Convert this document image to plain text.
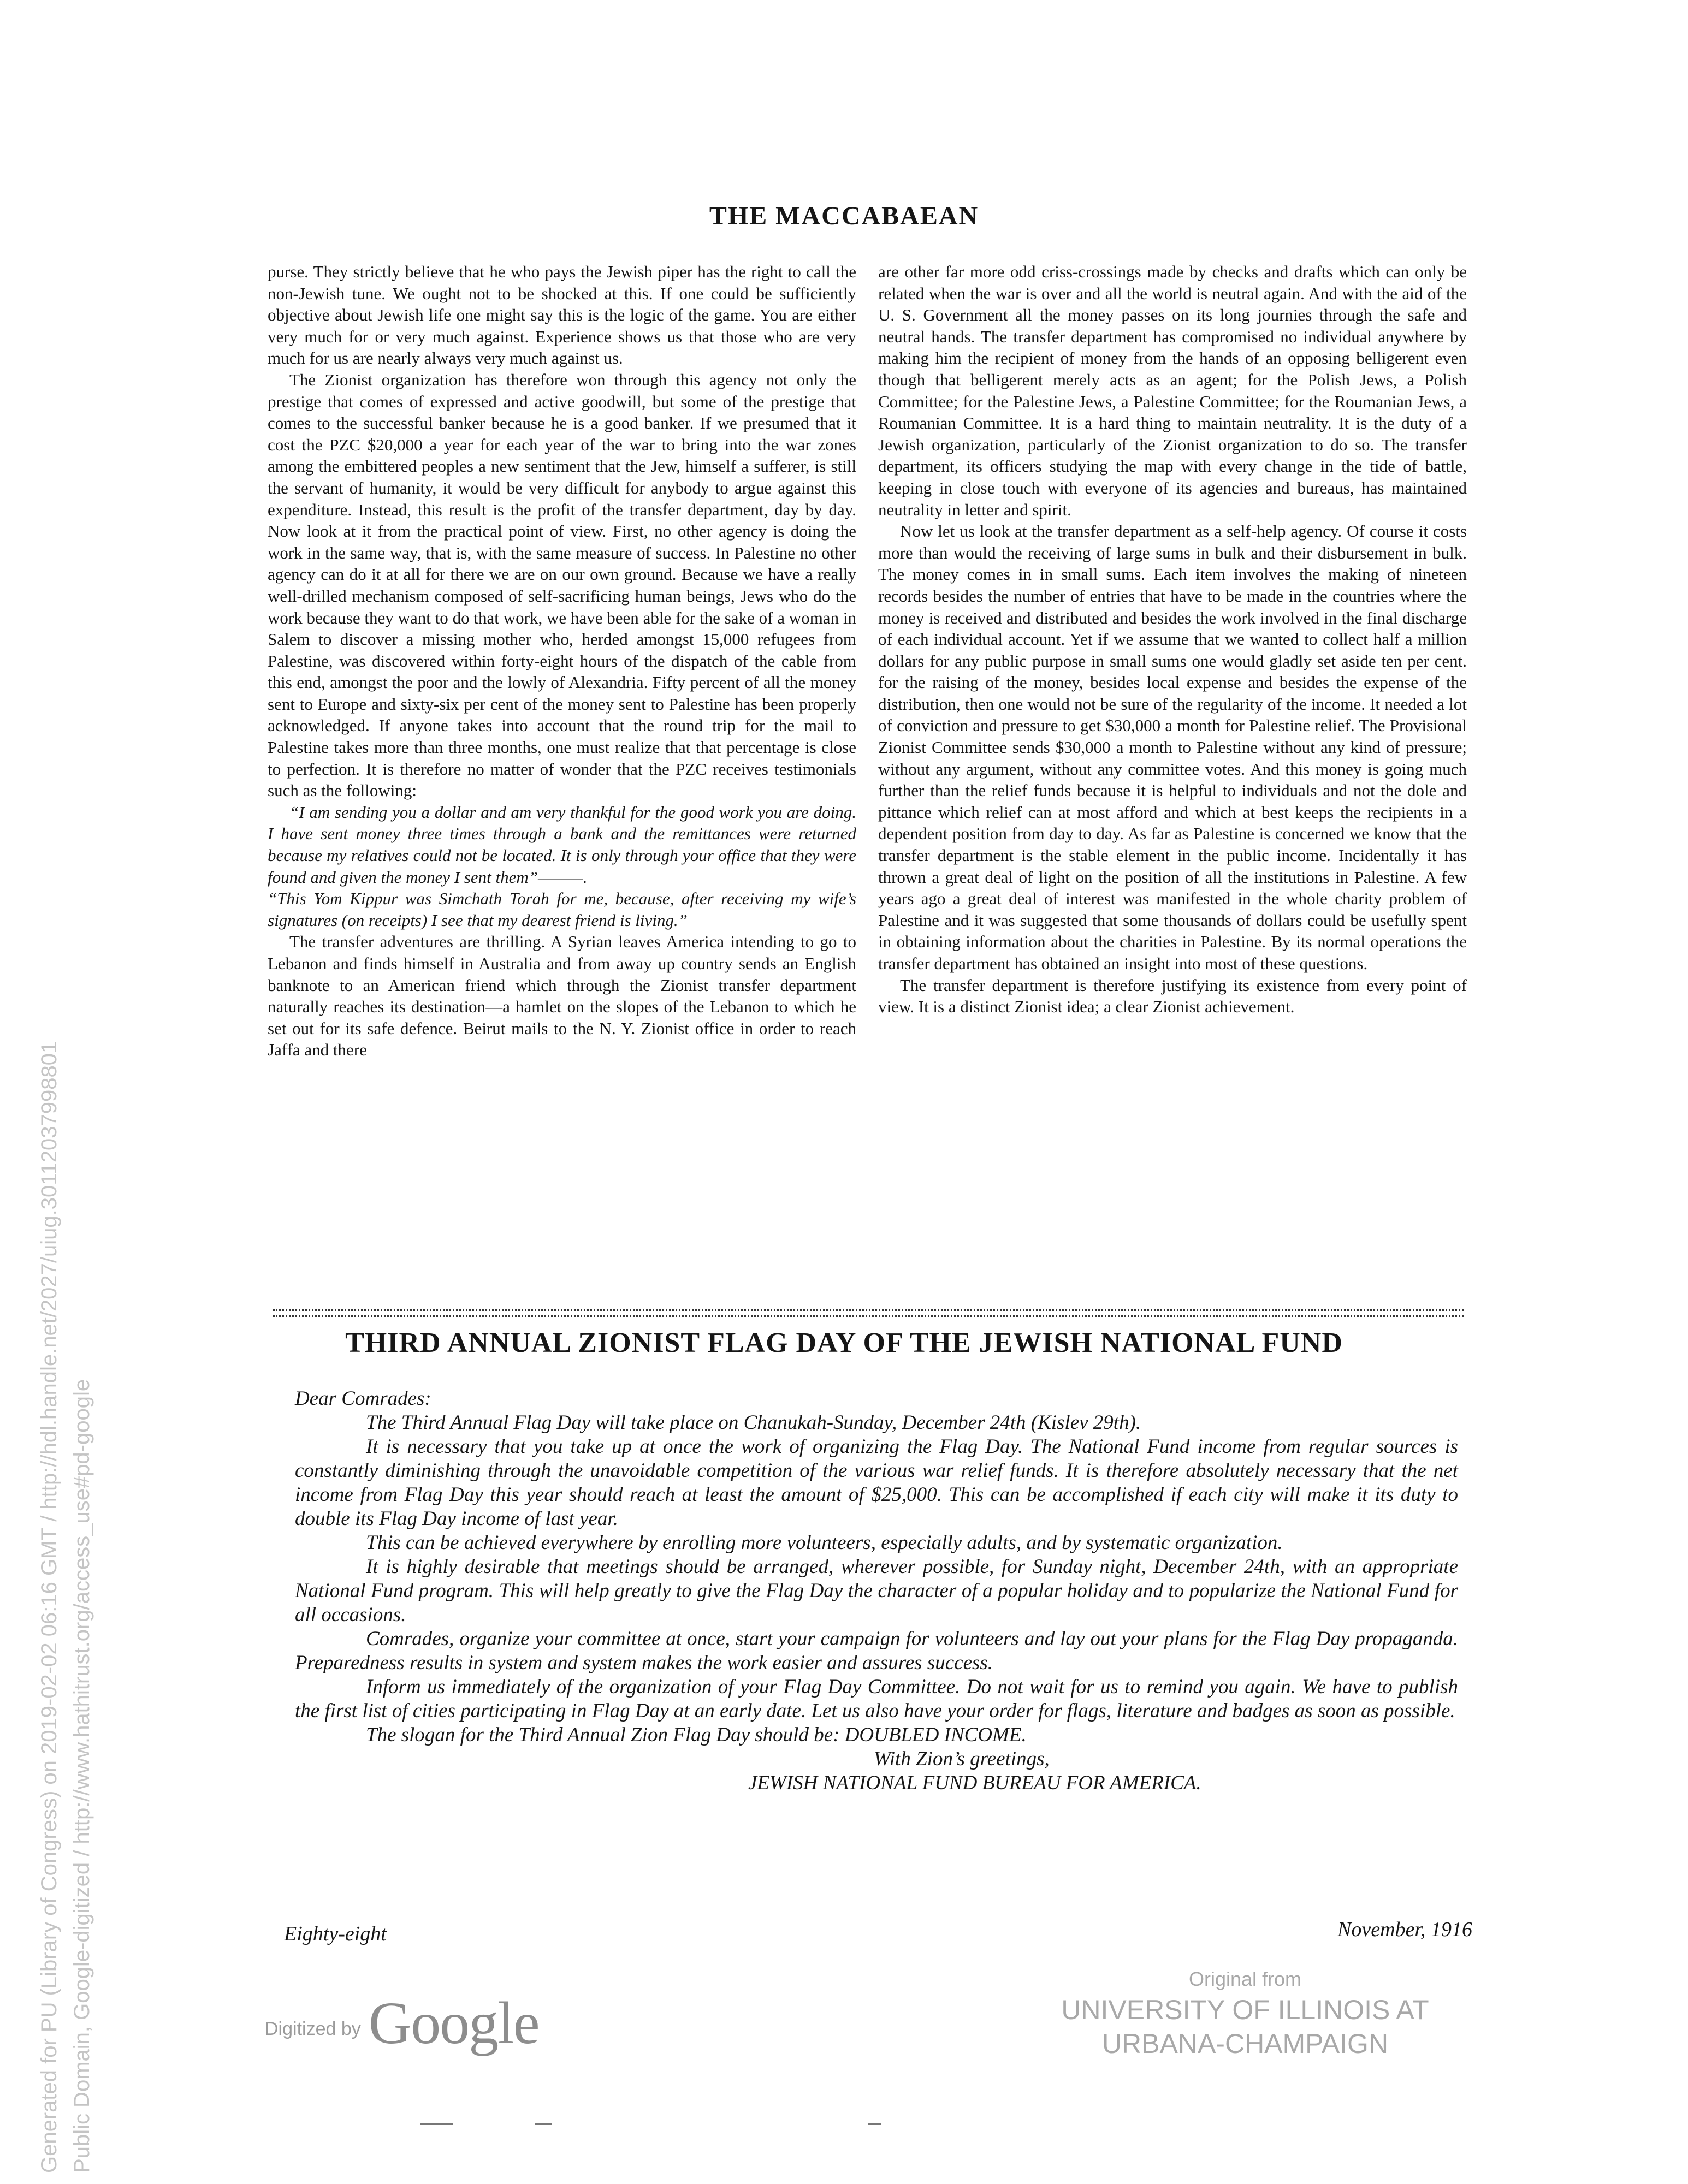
THE MACCABAEAN

purse. They strictly believe that he who pays the Jewish piper has the right to call the non-Jewish tune. We ought not to be shocked at this. If one could be sufficiently objective about Jewish life one might say this is the logic of the game. You are either very much for or very much against. Experience shows us that those who are very much for us are nearly always very much against us.

The Zionist organization has therefore won through this agency not only the prestige that comes of expressed and active goodwill, but some of the prestige that comes to the successful banker because he is a good banker. If we presumed that it cost the PZC $20,000 a year for each year of the war to bring into the war zones among the embittered peoples a new sentiment that the Jew, himself a sufferer, is still the servant of humanity, it would be very difficult for anybody to argue against this expenditure. Instead, this result is the profit of the transfer department, day by day. Now look at it from the practical point of view. First, no other agency is doing the work in the same way, that is, with the same measure of success. In Palestine no other agency can do it at all for there we are on our own ground. Because we have a really well-drilled mechanism composed of self-sacrificing human beings, Jews who do the work because they want to do that work, we have been able for the sake of a woman in Salem to discover a missing mother who, herded amongst 15,000 refugees from Palestine, was discovered within forty-eight hours of the dispatch of the cable from this end, amongst the poor and the lowly of Alexandria. Fifty percent of all the money sent to Europe and sixty-six per cent of the money sent to Palestine has been properly acknowledged. If anyone takes into account that the round trip for the mail to Palestine takes more than three months, one must realize that that percentage is close to perfection. It is therefore no matter of wonder that the PZC receives testimonials such as the following:

“I am sending you a dollar and am very thankful for the good work you are doing. I have sent money three times through a bank and the remittances were returned because my relatives could not be located. It is only through your office that they were found and given the money I sent them”———.

“This Yom Kippur was Simchath Torah for me, because, after receiving my wife’s signatures (on receipts) I see that my dearest friend is living.”

The transfer adventures are thrilling. A Syrian leaves America intending to go to Lebanon and finds himself in Australia and from away up country sends an English banknote to an American friend which through the Zionist transfer department naturally reaches its destination—a hamlet on the slopes of the Lebanon to which he set out for its safe defence. Beirut mails to the N. Y. Zionist office in order to reach Jaffa and there

are other far more odd criss-crossings made by checks and drafts which can only be related when the war is over and all the world is neutral again. And with the aid of the U. S. Government all the money passes on its long journies through the safe and neutral hands. The transfer department has compromised no individual anywhere by making him the recipient of money from the hands of an opposing belligerent even though that belligerent merely acts as an agent; for the Polish Jews, a Polish Committee; for the Palestine Jews, a Palestine Committee; for the Roumanian Jews, a Roumanian Committee. It is a hard thing to maintain neutrality. It is the duty of a Jewish organization, particularly of the Zionist organization to do so. The transfer department, its officers studying the map with every change in the tide of battle, keeping in close touch with everyone of its agencies and bureaus, has maintained neutrality in letter and spirit.

Now let us look at the transfer department as a self-help agency. Of course it costs more than would the receiving of large sums in bulk and their disbursement in bulk. The money comes in in small sums. Each item involves the making of nineteen records besides the number of entries that have to be made in the countries where the money is received and distributed and besides the work involved in the final discharge of each individual account. Yet if we assume that we wanted to collect half a million dollars for any public purpose in small sums one would gladly set aside ten per cent. for the raising of the money, besides local expense and besides the expense of the distribution, then one would not be sure of the regularity of the income. It needed a lot of conviction and pressure to get $30,000 a month for Palestine relief. The Provisional Zionist Committee sends $30,000 a month to Palestine without any kind of pressure; without any argument, without any committee votes. And this money is going much further than the relief funds because it is helpful to individuals and not the dole and pittance which relief can at most afford and which at best keeps the recipients in a dependent position from day to day. As far as Palestine is concerned we know that the transfer department is the stable element in the public income. Incidentally it has thrown a great deal of light on the position of all the institutions in Palestine. A few years ago a great deal of interest was manifested in the whole charity problem of Palestine and it was suggested that some thousands of dollars could be usefully spent in obtaining information about the charities in Palestine. By its normal operations the transfer department has obtained an insight into most of these questions.

The transfer department is therefore justifying its existence from every point of view. It is a distinct Zionist idea; a clear Zionist achievement.

THIRD ANNUAL ZIONIST FLAG DAY OF THE JEWISH NATIONAL FUND

Dear Comrades:

The Third Annual Flag Day will take place on Chanukah-Sunday, December 24th (Kislev 29th).

It is necessary that you take up at once the work of organizing the Flag Day. The National Fund income from regular sources is constantly diminishing through the unavoidable competition of the various war relief funds. It is therefore absolutely necessary that the net income from Flag Day this year should reach at least the amount of $25,000. This can be accomplished if each city will make it its duty to double its Flag Day income of last year.

This can be achieved everywhere by enrolling more volunteers, especially adults, and by systematic organization.

It is highly desirable that meetings should be arranged, wherever possible, for Sunday night, December 24th, with an appropriate National Fund program. This will help greatly to give the Flag Day the character of a popular holiday and to popularize the National Fund for all occasions.

Comrades, organize your committee at once, start your campaign for volunteers and lay out your plans for the Flag Day propaganda. Preparedness results in system and system makes the work easier and assures success.

Inform us immediately of the organization of your Flag Day Committee. Do not wait for us to remind you again. We have to publish the first list of cities participating in Flag Day at an early date. Let us also have your order for flags, literature and badges as soon as possible.

The slogan for the Third Annual Zion Flag Day should be: DOUBLED INCOME.

With Zion’s greetings,

JEWISH NATIONAL FUND BUREAU FOR AMERICA.

Eighty-eight	November, 1916
Digitized by Google
Original from
UNIVERSITY OF ILLINOIS AT
URBANA-CHAMPAIGN
Generated for PU (Library of Congress) on 2019-02-02 06:16 GMT / http://hdl.handle.net/2027/uiug.30112037998801 Public Domain, Google-digitized / http://www.hathitrust.org/access_use#pd-google
